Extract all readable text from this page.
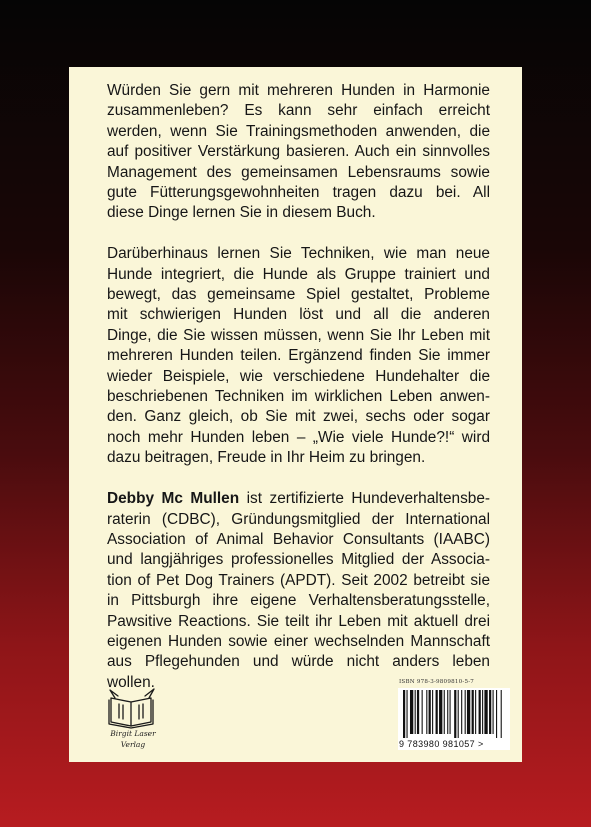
Würden Sie gern mit mehreren Hunden in Harmonie
zusammenleben? Es kann sehr einfach erreicht
werden, wenn Sie Trainingsmethoden anwenden, die
auf positiver Verstärkung basieren. Auch ein sinnvolles
Management des gemeinsamen Lebensraums sowie
gute Fütterungsgewohnheiten tragen dazu bei. All
diese Dinge lernen Sie in diesem Buch.
Darüberhinaus lernen Sie Techniken, wie man neue
Hunde integriert, die Hunde als Gruppe trainiert und
bewegt, das gemeinsame Spiel gestaltet, Probleme
mit schwierigen Hunden löst und all die anderen
Dinge, die Sie wissen müssen, wenn Sie Ihr Leben mit
mehreren Hunden teilen. Ergänzend finden Sie immer
wieder Beispiele, wie verschiedene Hundehalter die
beschriebenen Techniken im wirklichen Leben anwen-
den. Ganz gleich, ob Sie mit zwei, sechs oder sogar
noch mehr Hunden leben – „Wie viele Hunde?!“ wird
dazu beitragen, Freude in Ihr Heim zu bringen.
Debby Mc Mullen ist zertifizierte Hundeverhaltensbe-
raterin (CDBC), Gründungsmitglied der International
Association of Animal Behavior Consultants (IAABC)
und langjähriges professionelles Mitglied der Associa-
tion of Pet Dog Trainers (APDT). Seit 2002 betreibt sie
in Pittsburgh ihre eigene Verhaltensberatungsstelle,
Pawsitive Reactions. Sie teilt ihr Leben mit aktuell drei
eigenen Hunden sowie einer wechselnden Mannschaft
aus Pflegehunden und würde nicht anders leben
wollen.
Birgit Laser
Verlag
ISBN 978-3-9809810-5-7
9 783980 981057 >
